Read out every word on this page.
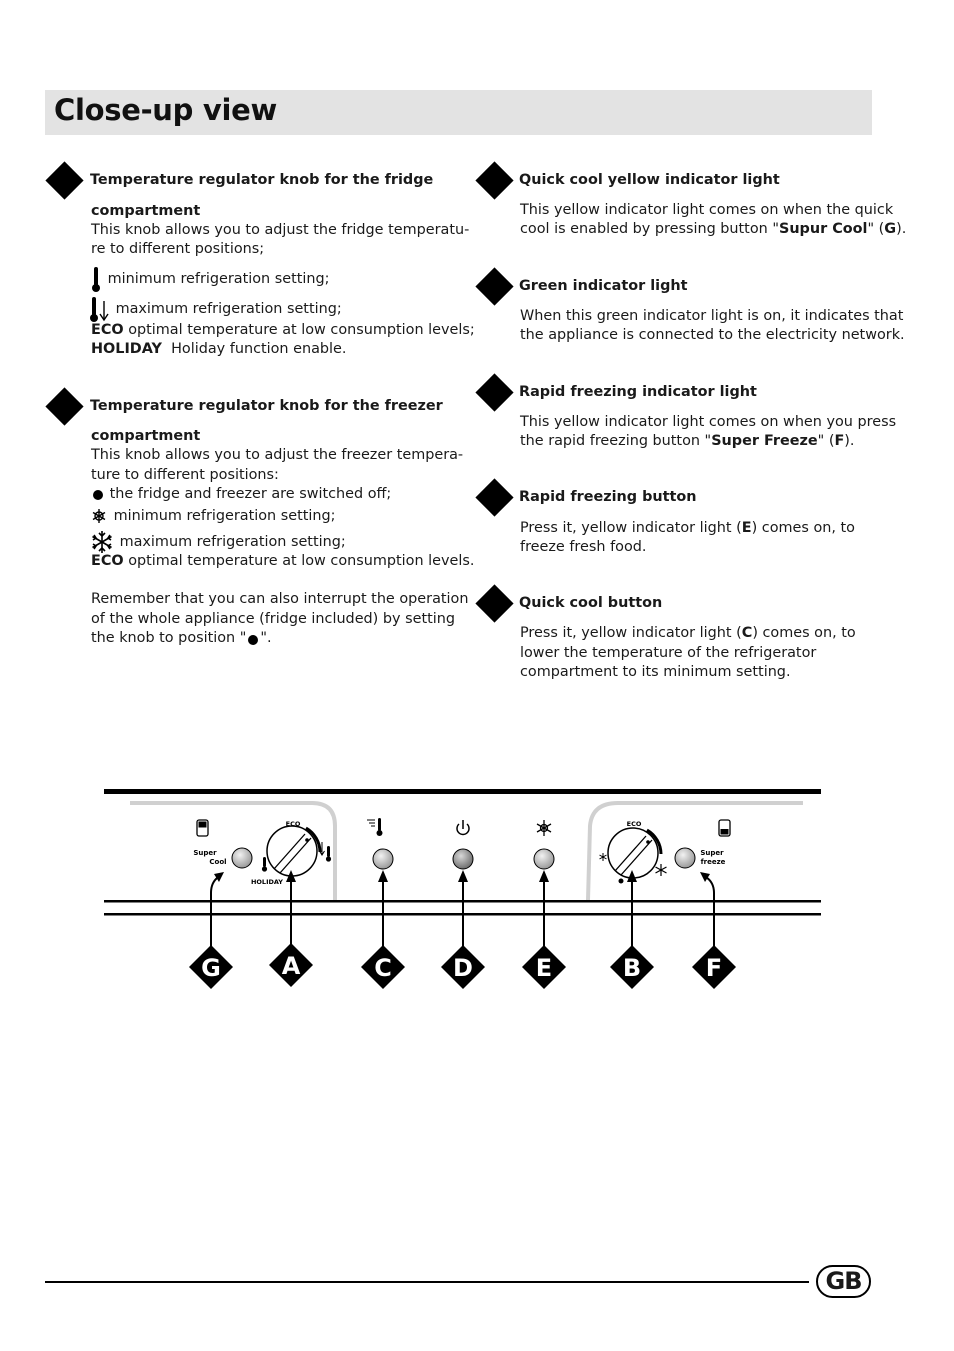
Close-up view
Temperature regulator knob for the fridge
compartment
This knob allows you to adjust the fridge temperatu-
re to different positions;
minimum refrigeration setting;
maximum refrigeration setting;
ECO optimal temperature at low consumption levels;
HOLIDAY Holiday function enable.
Temperature regulator knob for the freezer
compartment
This knob allows you to adjust the freezer tempera-
ture to different positions:
the fridge and freezer are switched off;
minimum refrigeration setting;
maximum refrigeration setting;
ECO optimal temperature at low consumption levels.
Remember that you can also interrupt the operation
of the whole appliance (fridge included) by setting
the knob to position " ".
Quick cool yellow indicator light
This yellow indicator light comes on when the quick
cool is enabled by pressing button "Supur Cool" (G).
Green indicator light
When this green indicator light is on, it indicates that
the appliance is connected to the electricity network.
Rapid freezing indicator light
This yellow indicator light comes on when you press
the rapid freezing button "Super Freeze" (F).
Rapid freezing button
Press it, yellow indicator light (E) comes on, to
freeze fresh food.
Quick cool button
Press it, yellow indicator light (C) comes on, to
lower the temperature of the refrigerator
compartment to its minimum setting.
Super
Cool
ECO
HOLIDAY
ECO
Super
freeze
G	A	C	D	E	B	F
GB
